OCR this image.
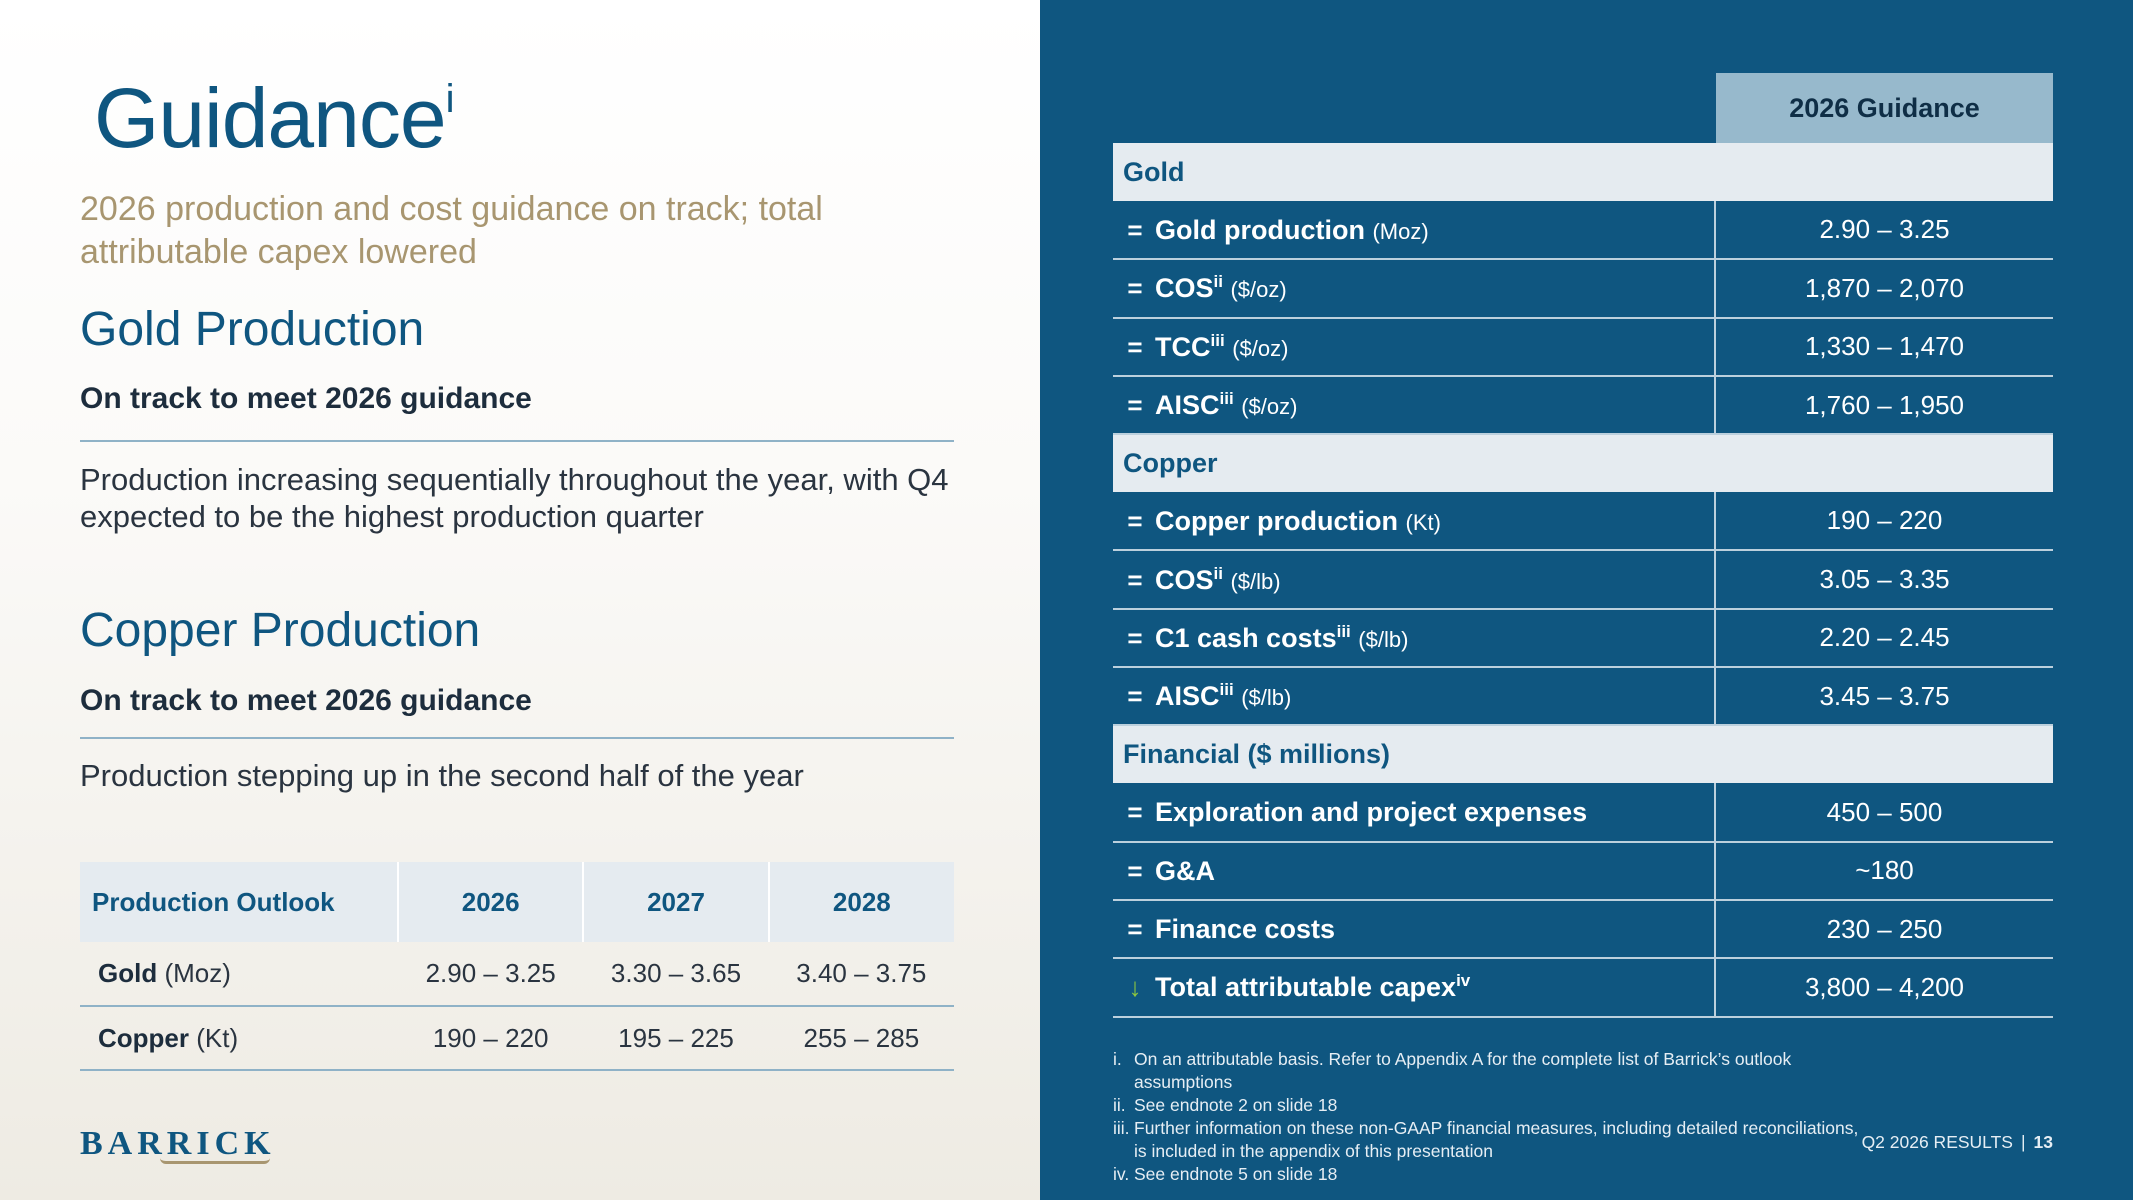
Guidance$^i$
2026 production and cost guidance on track; total attributable capex lowered
Gold Production
On track to meet 2026 guidance
Production increasing sequentially throughout the year, with Q4 expected to be the highest production quarter
Copper Production
On track to meet 2026 guidance
Production stepping up in the second half of the year
Production Outlook	2026	2027	2028
Gold (Moz)	2.90 – 3.25	3.30 – 3.65	3.40 – 3.75
Copper (Kt)	190 – 220	195 – 225	255 – 285
BARRICK
2026 Guidance
Gold	
= Gold production (Moz)	2.90 – 3.25
= $COS^{ii}$ ($/oz)	1,870 – 2,070
= $TCC^{iii}$ ($/oz)	1,330 – 1,470
= $AISC^{iii}$ ($/oz)	1,760 – 1,950
Copper	
= Copper production (Kt)	190 – 220
= $COS^{ii}$ ($/lb)	3.05 – 3.35
= C1 cash costs$^{iii}$ ($/lb)	2.20 – 2.45
= $AISC^{iii}$ ($/lb)	3.45 – 3.75
Financial ($ millions)	
= Exploration and project expenses	450 – 500
= G&A	~180
= Finance costs	230 – 250
↓ Total attributable capex$^{iv}$	3,800 – 4,200
i. On an attributable basis. Refer to Appendix A for the complete list of Barrick’s outlook assumptions
ii. See endnote 2 on slide 18
iii. Further information on these non-GAAP financial measures, including detailed reconciliations, is included in the appendix of this presentation
iv. See endnote 5 on slide 18
Q2 2026 RESULTS | 13
